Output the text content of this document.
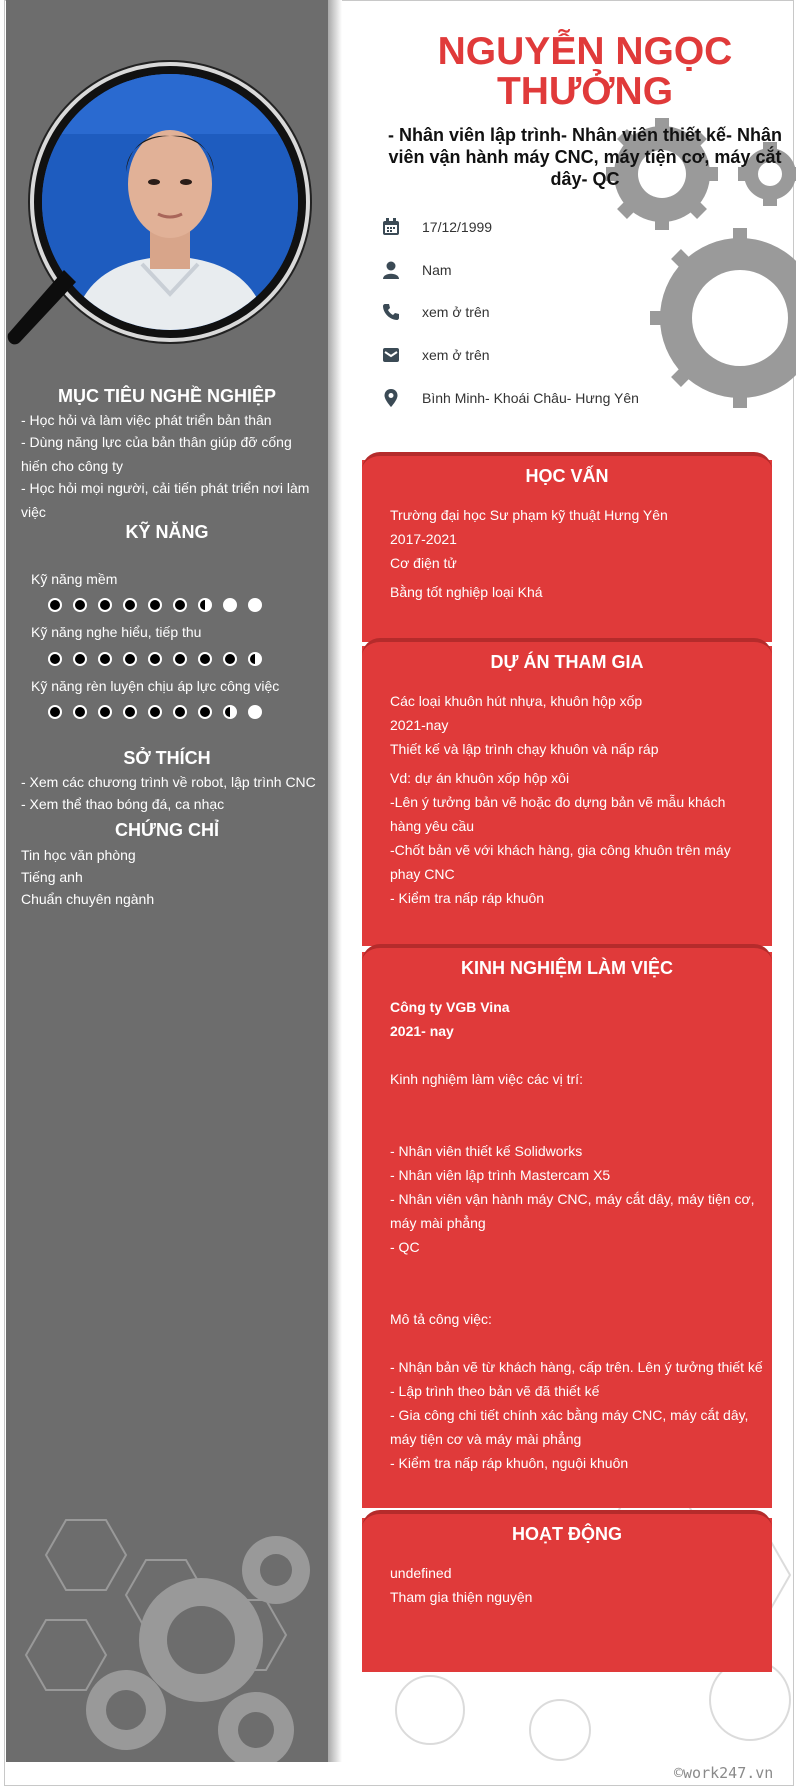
MỤC TIÊU NGHỀ NGHIỆP
- Học hỏi và làm việc phát triển bản thân
- Dùng năng lực của bản thân giúp đỡ cống hiến cho công ty
- Học hỏi mọi người, cải tiến phát triển nơi làm việc
KỸ NĂNG
Kỹ năng mềm
Kỹ năng nghe hiểu, tiếp thu
Kỹ năng rèn luyện chịu áp lực công việc
SỞ THÍCH
- Xem các chương trình về robot, lập trình CNC
- Xem thể thao bóng đá, ca nhạc
CHỨNG CHỈ
Tin học văn phòng
Tiếng anh
Chuẩn chuyên ngành
NGUYỄN NGỌC THƯỞNG
- Nhân viên lập trình- Nhân viên thiết kế- Nhân viên vận hành máy CNC, máy tiện cơ, máy cắt dây- QC
17/12/1999
Nam
xem ở trên
xem ở trên
Bình Minh- Khoái Châu- Hưng Yên
HỌC VẤN
Trường đại học Sư phạm kỹ thuật Hưng Yên
2017-2021
Cơ điện tử
Bằng tốt nghiệp loại Khá
DỰ ÁN THAM GIA
Các loại khuôn hút nhựa, khuôn hộp xốp
2021-nay
Thiết kế và lập trình chạy khuôn và nấp ráp
Vd: dự án khuôn xốp hộp xôi
-Lên ý tưởng bản vẽ hoặc đo dựng bản vẽ mẫu khách hàng yêu cầu
-Chốt bản vẽ với khách hàng, gia công khuôn trên máy phay CNC
- Kiểm tra nấp ráp khuôn
KINH NGHIỆM LÀM VIỆC
Công ty VGB Vina
2021- nay
Kinh nghiệm làm việc các vị trí:
- Nhân viên thiết kế Solidworks
- Nhân viên lập trình Mastercam X5
- Nhân viên vận hành máy CNC, máy cắt dây, máy tiện cơ, máy mài phẳng
- QC
Mô tả công việc:
- Nhận bản vẽ từ khách hàng, cấp trên. Lên ý tưởng thiết kế
- Lập trình theo bản vẽ đã thiết kế
- Gia công chi tiết chính xác bằng máy CNC, máy cắt dây, máy tiện cơ và máy mài phẳng
- Kiểm tra nấp ráp khuôn, nguội khuôn
HOẠT ĐỘNG
undefined
Tham gia thiện nguyện
©work247.vn
